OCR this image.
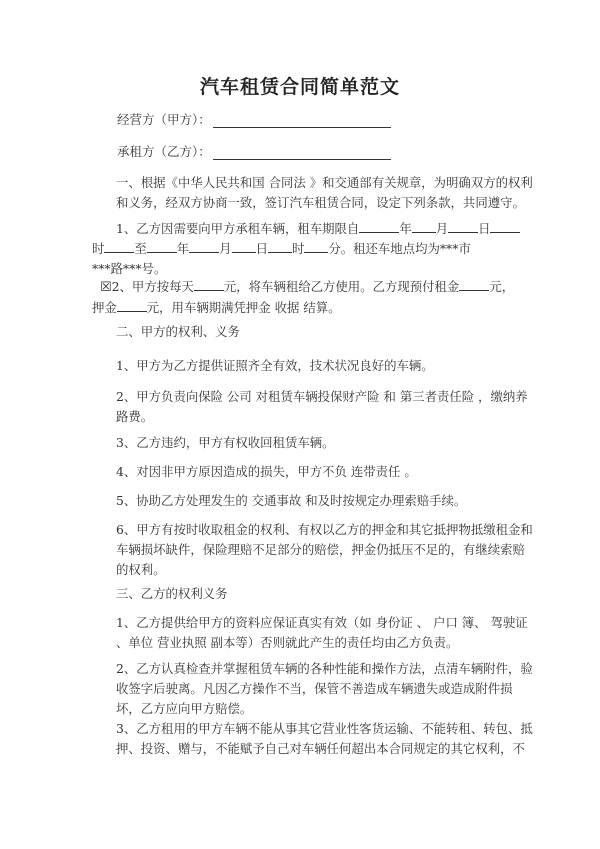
汽车租赁合同简单范文
经营方（甲方）：
承租方（乙方）：

一、根据《中华人民共和国 合同法 》和交通部有关规章，为明确双方的权利和义务，经双方协商一致，签订汽车租赁合同，设定下列条款，共同遵守。

1、乙方因需要向甲方承租车辆，租车期限自	年 月 日
时 至 年 月 日 时 分。租还车地点均为***市
***路***号。
☒2、甲方按每天 元，将车辆租给乙方使用。乙方现预付租金 元，
押金 元，用车辆期满凭押金 收据 结算。
二、甲方的权利、义务
1、甲方为乙方提供证照齐全有效，技术状况良好的车辆。
2、甲方负责向保险 公司 对租赁车辆投保财产险 和 第三者责任险 ，缴纳养路费。
3、乙方违约，甲方有权收回租赁车辆。
4、对因非甲方原因造成的损失，甲方不负 连带责任 。
5、协助乙方处理发生的 交通事故 和及时按规定办理索赔手续。
6、甲方有按时收取租金的权利、有权以乙方的押金和其它抵押物抵缴租金和车辆损坏缺件，保险理赔不足部分的赔偿，押金仍抵压不足的，有继续索赔的权利。
三、乙方的权利义务
1、乙方提供给甲方的资料应保证真实有效（如 身份证 、 户口 簿、 驾驶证 、单位 营业执照 副本等）否则就此产生的责任均由乙方负责。
2、乙方认真检查并掌握租赁车辆的各种性能和操作方法，点清车辆附件，验收签字后驶离。凡因乙方操作不当，保管不善造成车辆遗失或造成附件损坏，乙方应向甲方赔偿。
3、乙方租用的甲方车辆不能从事其它营业性客货运输、不能转租、转包、抵押、投资、赠与，不能赋予自己对车辆任何超出本合同规定的其它权利，不
